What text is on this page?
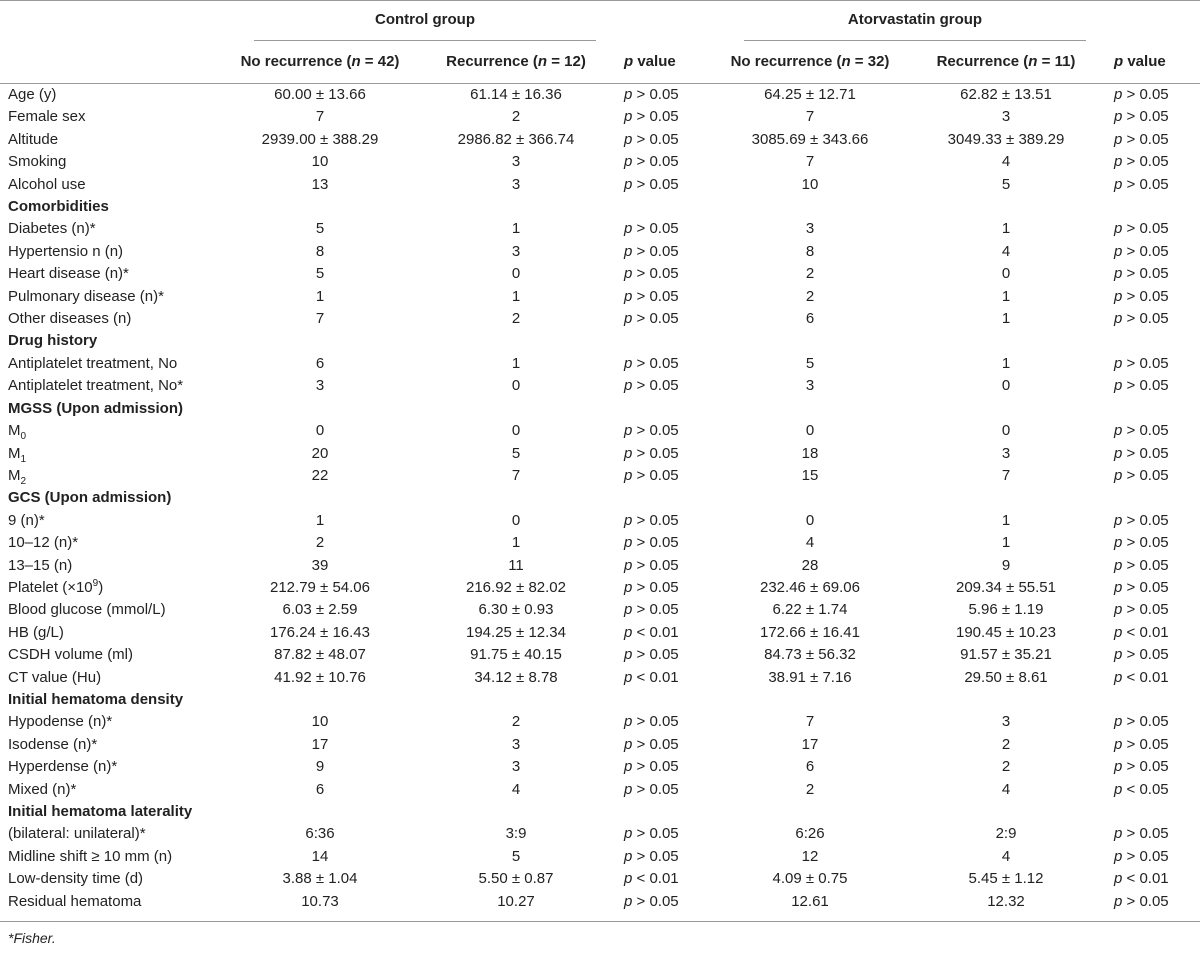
	Control group			Atorvastatin group		

	No recurrence (n = 42)	Recurrence (n = 12)	p value	No recurrence (n = 32)	Recurrence (n = 11)	p value
Age (y)	60.00 ± 13.66	61.14 ± 16.36	p > 0.05	64.25 ± 12.71	62.82 ± 13.51	p > 0.05
Female sex	7	2	p > 0.05	7	3	p > 0.05
Altitude	2939.00 ± 388.29	2986.82 ± 366.74	p > 0.05	3085.69 ± 343.66	3049.33 ± 389.29	p > 0.05
Smoking	10	3	p > 0.05	7	4	p > 0.05
Alcohol use	13	3	p > 0.05	10	5	p > 0.05
Comorbidities						
Diabetes (n)*	5	1	p > 0.05	3	1	p > 0.05
Hypertensio n (n)	8	3	p > 0.05	8	4	p > 0.05
Heart disease (n)*	5	0	p > 0.05	2	0	p > 0.05
Pulmonary disease (n)*	1	1	p > 0.05	2	1	p > 0.05
Other diseases (n)	7	2	p > 0.05	6	1	p > 0.05
Drug history						
Antiplatelet treatment, No	6	1	p > 0.05	5	1	p > 0.05
Antiplatelet treatment, No*	3	0	p > 0.05	3	0	p > 0.05
MGSS (Upon admission)						
$M_0$	0	0	p > 0.05	0	0	p > 0.05
$M_1$	20	5	p > 0.05	18	3	p > 0.05
$M_2$	22	7	p > 0.05	15	7	p > 0.05
GCS (Upon admission)						
9 (n)*	1	0	p > 0.05	0	1	p > 0.05
10–12 (n)*	2	1	p > 0.05	4	1	p > 0.05
13–15 (n)	39	11	p > 0.05	28	9	p > 0.05
Platelet $(\times 10^9)$	212.79 ± 54.06	216.92 ± 82.02	p > 0.05	232.46 ± 69.06	209.34 ± 55.51	p > 0.05
Blood glucose (mmol/L)	6.03 ± 2.59	6.30 ± 0.93	p > 0.05	6.22 ± 1.74	5.96 ± 1.19	p > 0.05
HB (g/L)	176.24 ± 16.43	194.25 ± 12.34	p < 0.01	172.66 ± 16.41	190.45 ± 10.23	p < 0.01
CSDH volume (ml)	87.82 ± 48.07	91.75 ± 40.15	p > 0.05	84.73 ± 56.32	91.57 ± 35.21	p > 0.05
CT value (Hu)	41.92 ± 10.76	34.12 ± 8.78	p < 0.01	38.91 ± 7.16	29.50 ± 8.61	p < 0.01
Initial hematoma density						
Hypodense (n)*	10	2	p > 0.05	7	3	p > 0.05
Isodense (n)*	17	3	p > 0.05	17	2	p > 0.05
Hyperdense (n)*	9	3	p > 0.05	6	2	p > 0.05
Mixed (n)*	6	4	p > 0.05	2	4	p < 0.05
Initial hematoma laterality						
(bilateral: unilateral)*	6:36	3:9	p > 0.05	6:26	2:9	p > 0.05
Midline shift ≥ 10 mm (n)	14	5	p > 0.05	12	4	p > 0.05
Low-density time (d)	3.88 ± 1.04	5.50 ± 0.87	p < 0.01	4.09 ± 0.75	5.45 ± 1.12	p < 0.01
Residual hematoma	10.73	10.27	p > 0.05	12.61	12.32	p > 0.05

*Fisher.
